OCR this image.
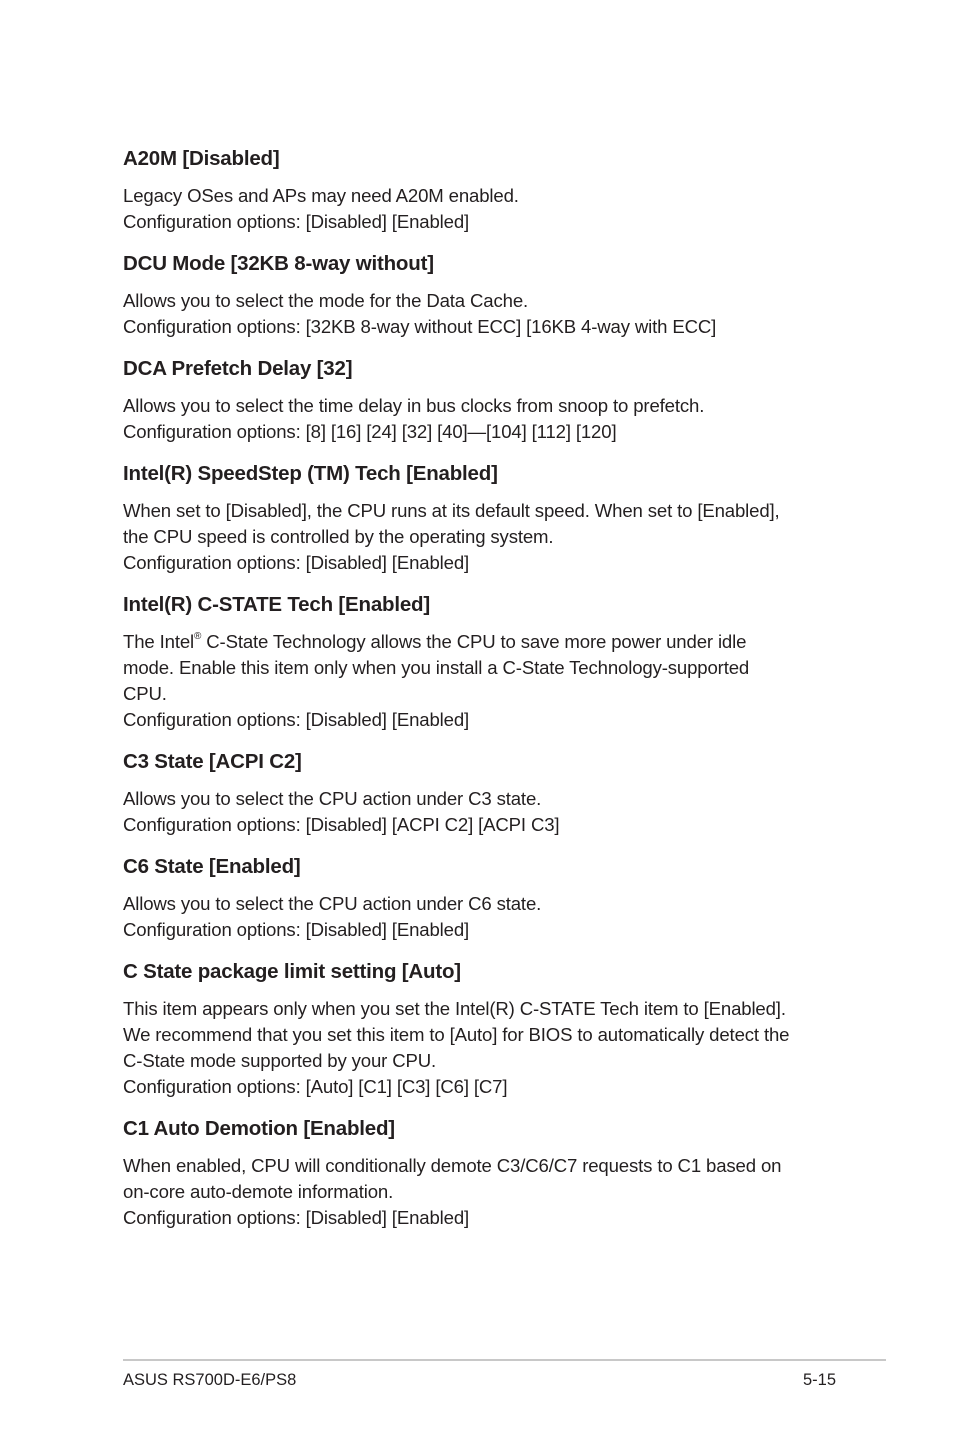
A20M [Disabled]

Legacy OSes and APs may need A20M enabled.

Configuration options: [Disabled] [Enabled]

DCU Mode [32KB 8-way without]

Allows you to select the mode for the Data Cache.

Configuration options: [32KB 8-way without ECC] [16KB 4-way with ECC]

DCA Prefetch Delay [32]

Allows you to select the time delay in bus clocks from snoop to prefetch.

Configuration options: [8] [16] [24] [32] [40]—[104] [112] [120]

Intel(R) SpeedStep (TM) Tech [Enabled]

When set to [Disabled], the CPU runs at its default speed. When set to [Enabled],

the CPU speed is controlled by the operating system.

Configuration options: [Disabled] [Enabled]

Intel(R) C-STATE Tech [Enabled]

The Intel® C-State Technology allows the CPU to save more power under idle

mode. Enable this item only when you install a C-State Technology-supported

CPU.

Configuration options: [Disabled] [Enabled]

C3 State [ACPI C2]

Allows you to select the CPU action under C3 state.

Configuration options: [Disabled] [ACPI C2] [ACPI C3]

C6 State [Enabled]

Allows you to select the CPU action under C6 state.

Configuration options: [Disabled] [Enabled]

C State package limit setting [Auto]

This item appears only when you set the Intel(R) C-STATE Tech item to [Enabled].

We recommend that you set this item to [Auto] for BIOS to automatically detect the

C-State mode supported by your CPU.

Configuration options: [Auto] [C1] [C3] [C6] [C7]

C1 Auto Demotion [Enabled]

When enabled, CPU will conditionally demote C3/C6/C7 requests to C1 based on

on-core auto-demote information.

Configuration options: [Disabled] [Enabled]

ASUS RS700D-E6/PS8	5-15
